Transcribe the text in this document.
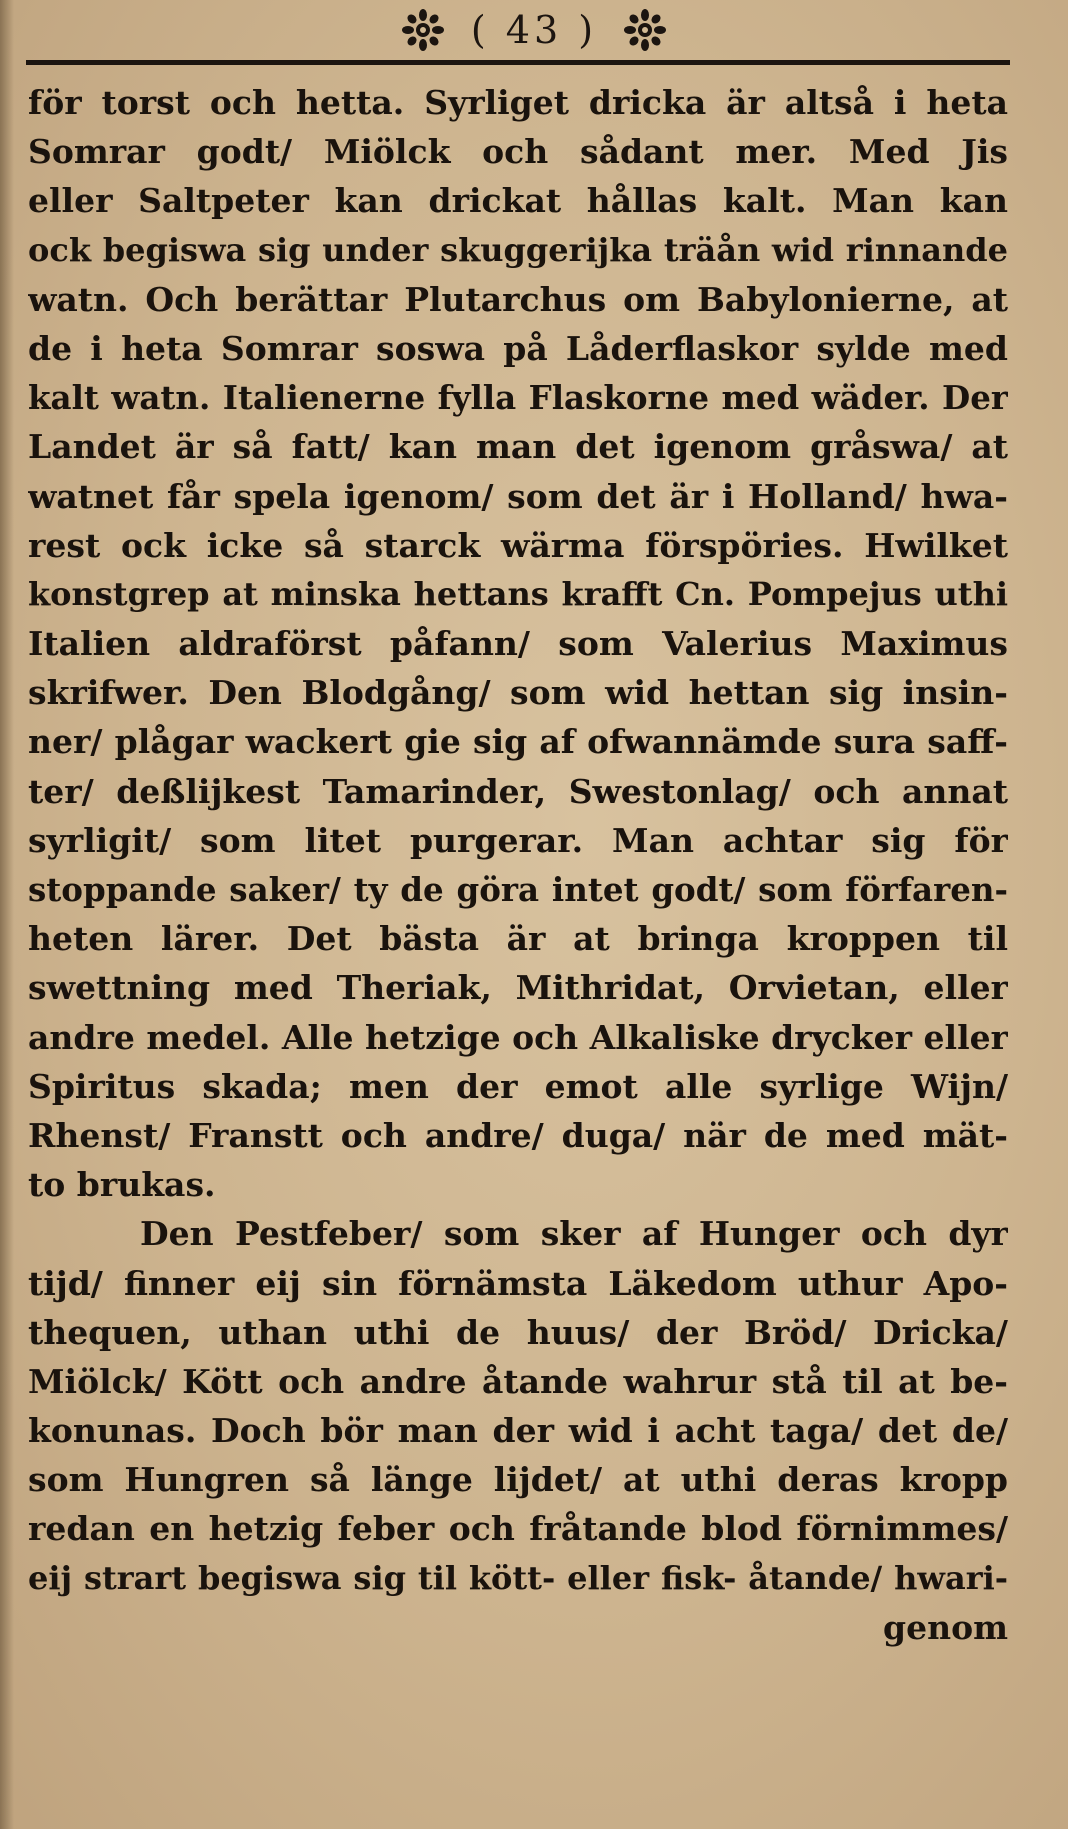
( 43 )
för torst och hetta. Syrliget dricka är altså i heta
Somrar godt/ Miölck och sådant mer. Med Jis
eller Saltpeter kan drickat hållas kalt. Man kan
ock begiswa sig under skuggerijka träån wid rinnande
watn. Och berättar Plutarchus om Babylonierne, at
de i heta Somrar soswa på Låderflaskor sylde med
kalt watn. Italienerne fylla Flaskorne med wäder. Der
Landet är så fatt/ kan man det igenom gråswa/ at
watnet får spela igenom/ som det är i Holland/ hwa-
rest ock icke så starck wärma förspöries. Hwilket
konstgrep at minska hettans krafft Cn. Pompejus uthi
Italien aldraförst påfann/ som Valerius Maximus
skrifwer. Den Blodgång/ som wid hettan sig insin-
ner/ plågar wackert gie sig af ofwannämde sura saff-
ter/ deßlijkest Tamarinder, Swestonlag/ och annat
syrligit/ som litet purgerar. Man achtar sig för
stoppande saker/ ty de göra intet godt/ som förfaren-
heten lärer. Det bästa är at bringa kroppen til
swettning med Theriak, Mithridat, Orvietan, eller
andre medel. Alle hetzige och Alkaliske drycker eller
Spiritus skada; men der emot alle syrlige Wijn/
Rhenst/ Franstt och andre/ duga/ när de med mät-
to brukas.
Den Pestfeber/ som sker af Hunger och dyr
tijd/ finner eij sin förnämsta Läkedom uthur Apo-
thequen, uthan uthi de huus/ der Bröd/ Dricka/
Miölck/ Kött och andre åtande wahrur stå til at be-
konunas. Doch bör man der wid i acht taga/ det de/
som Hungren så länge lijdet/ at uthi deras kropp
redan en hetzig feber och fråtande blod förnimmes/
eij strart begiswa sig til kött- eller fisk- åtande/ hwari-
genom
